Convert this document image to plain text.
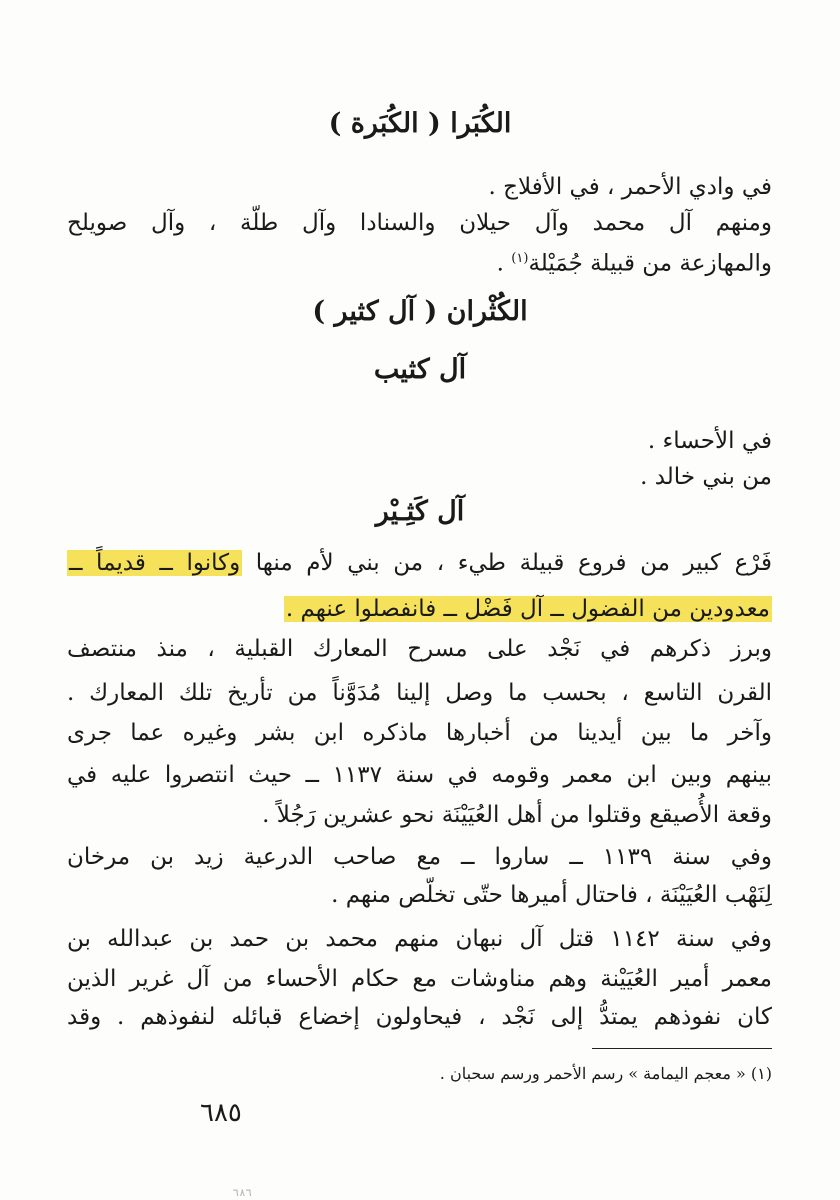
الكُبَرا ( الكُبَرة )
في وادي الأحمر ، في الأفلاج .
ومنهم آل محمد وآل حيلان والسنادا وآل طلّة ، وآل صويلح
والمهازعة من قبيلة جُمَيْلة$^{(١)}$ .
الكُثْران ( آل كثير )
آل كثيب
في الأحساء .
من بني خالد .
آل كَثِـيْر
فَرْع كبير من فروع قبيلة طيء ، من بني لأم منها وكانوا ــ قديماً ــ
معدودين من الفضول ــ آل فَضْل ــ فانفصلوا عنهم .
وبرز ذكرهم في نَجْد على مسرح المعارك القبلية ، منذ منتصف
القرن التاسع ، بحسب ما وصل إلينا مُدَوَّناً من تأريخ تلك المعارك .
وآخر ما بين أيدينا من أخبارها ماذكره ابن بشر وغيره عما جرى
بينهم وبين ابن معمر وقومه في سنة ١١٣٧ ــ حيث انتصروا عليه في
وقعة الأُصيقع وقتلوا من أهل العُيَيْنَة نحو عشرين رَجُلاً .
وفي سنة ١١٣٩ ــ ساروا ــ مع صاحب الدرعية زيد بن مرخان
لِنَهْب العُيَيْنَة ، فاحتال أميرها حتّى تخلّص منهم .
وفي سنة ١١٤٢ قتل آل نبهان منهم محمد بن حمد بن عبدالله بن
معمر أمير العُيَيْنة وهم مناوشات مع حكام الأحساء من آل غرير الذين
كان نفوذهم يمتدُّ إلى نَجْد ، فيحاولون إخضاع قبائله لنفوذهم . وقد
(١) « معجم اليمامة » رسم الأحمر ورسم سحبان .
٦٨٥
٦٨٦
